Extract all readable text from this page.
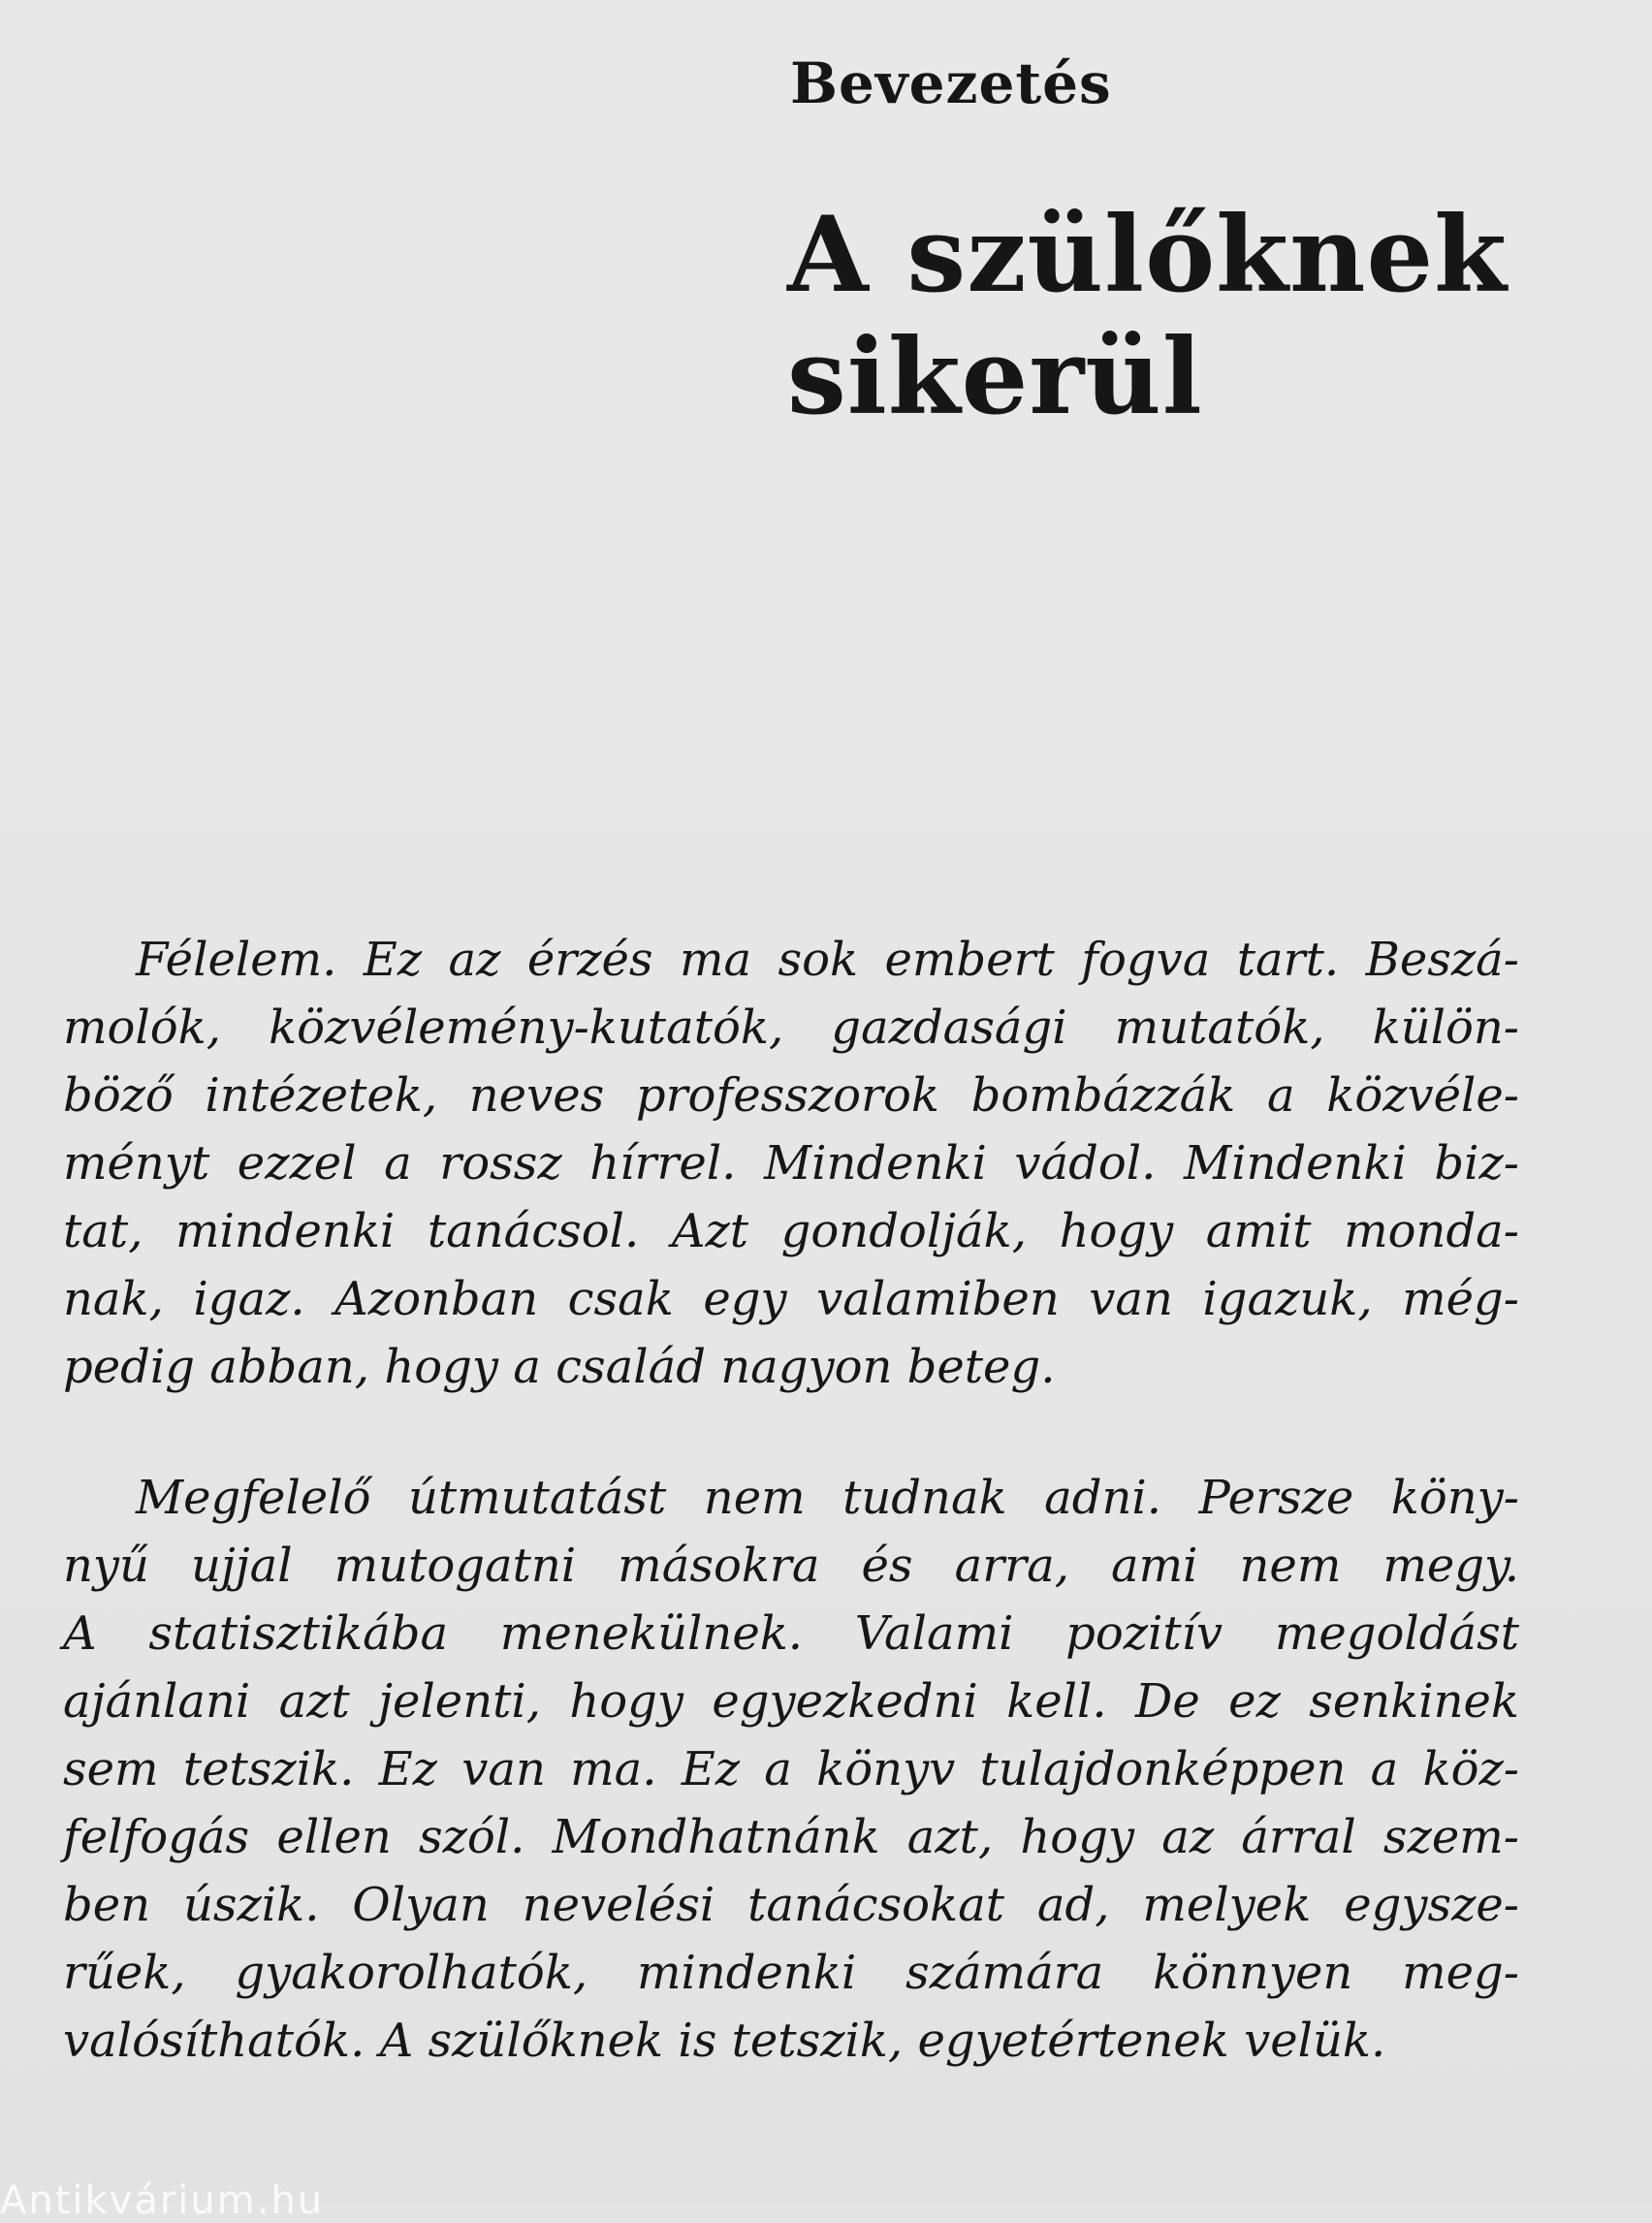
Bevezetés
A szülőknek
sikerül

Félelem. Ez az érzés ma sok embert fogva tart. Beszá-
molók, közvélemény-kutatók, gazdasági mutatók, külön-
böző intézetek, neves professzorok bombázzák a közvéle-
ményt ezzel a rossz hírrel. Mindenki vádol. Mindenki biz-
tat, mindenki tanácsol. Azt gondolják, hogy amit monda-
nak, igaz. Azonban csak egy valamiben van igazuk, még-
pedig abban, hogy a család nagyon beteg.

Megfelelő útmutatást nem tudnak adni. Persze köny-
nyű ujjal mutogatni másokra és arra, ami nem megy.
A statisztikába menekülnek. Valami pozitív megoldást
ajánlani azt jelenti, hogy egyezkedni kell. De ez senkinek
sem tetszik. Ez van ma. Ez a könyv tulajdonképpen a köz-
felfogás ellen szól. Mondhatnánk azt, hogy az árral szem-
ben úszik. Olyan nevelési tanácsokat ad, melyek egysze-
rűek, gyakorolhatók, mindenki számára könnyen meg-
valósíthatók. A szülőknek is tetszik, egyetértenek velük.

Antikvárium.hu
